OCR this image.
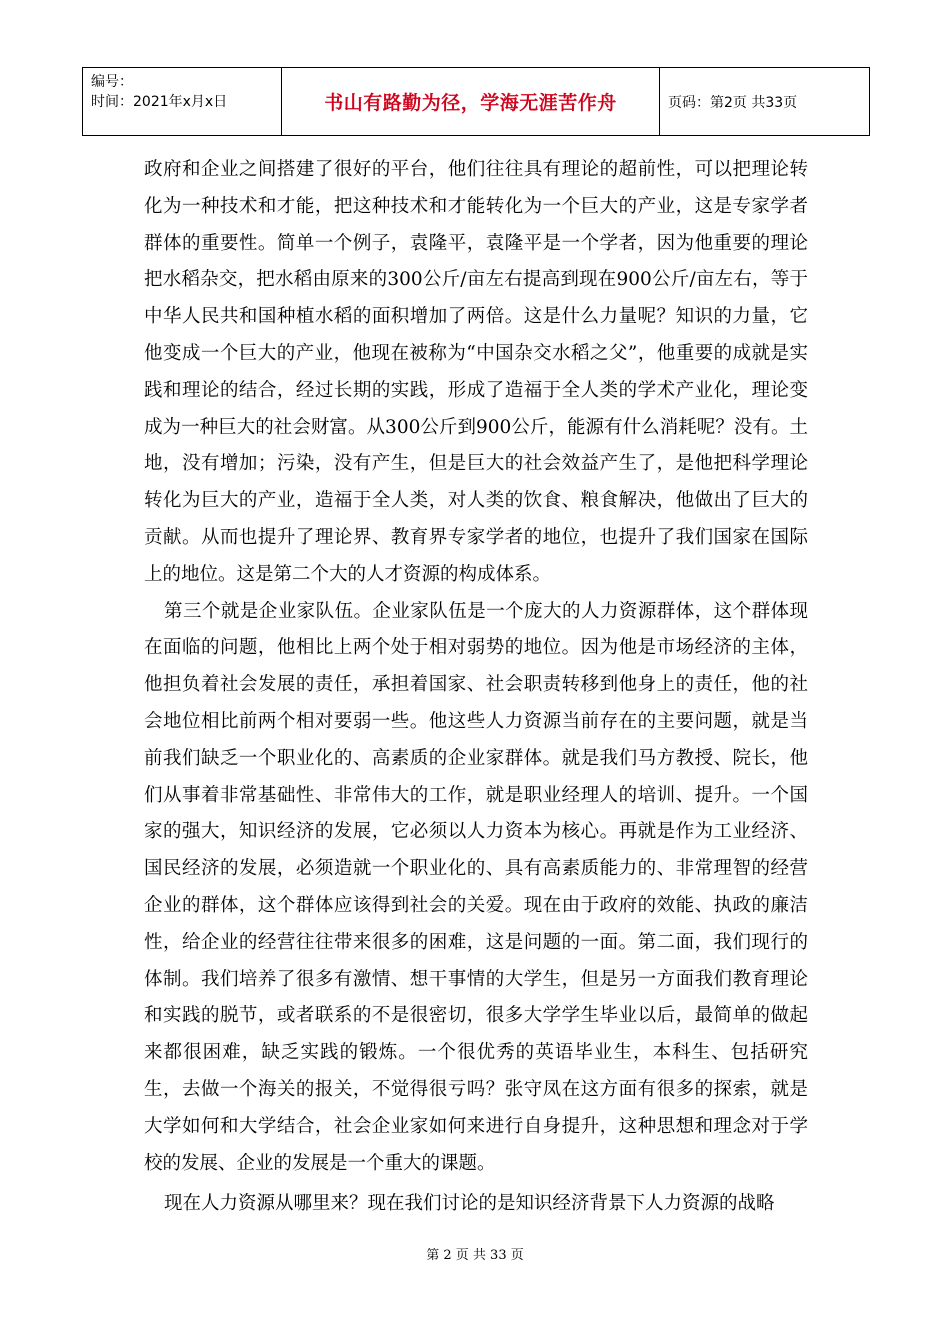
编号：
时间：2021年x月x日	书山有路勤为径，学海无涯苦作舟	页码：第2页 共33页

政府和企业之间搭建了很好的平台，他们往往具有理论的超前性，可以把理论转化为一种技术和才能，把这种技术和才能转化为一个巨大的产业，这是专家学者群体的重要性。简单一个例子，袁隆平，袁隆平是一个学者，因为他重要的理论把水稻杂交，把水稻由原来的300公斤/亩左右提高到现在900公斤/亩左右，等于中华人民共和国种植水稻的面积增加了两倍。这是什么力量呢？知识的力量，它他变成一个巨大的产业，他现在被称为“中国杂交水稻之父”，他重要的成就是实践和理论的结合，经过长期的实践，形成了造福于全人类的学术产业化，理论变成为一种巨大的社会财富。从300公斤到900公斤，能源有什么消耗呢？没有。土地，没有增加；污染，没有产生，但是巨大的社会效益产生了，是他把科学理论转化为巨大的产业，造福于全人类，对人类的饮食、粮食解决，他做出了巨大的贡献。从而也提升了理论界、教育界专家学者的地位，也提升了我们国家在国际上的地位。这是第二个大的人才资源的构成体系。

第三个就是企业家队伍。企业家队伍是一个庞大的人力资源群体，这个群体现在面临的问题，他相比上两个处于相对弱势的地位。因为他是市场经济的主体，他担负着社会发展的责任，承担着国家、社会职责转移到他身上的责任，他的社会地位相比前两个相对要弱一些。他这些人力资源当前存在的主要问题，就是当前我们缺乏一个职业化的、高素质的企业家群体。就是我们马方教授、院长，他们从事着非常基础性、非常伟大的工作，就是职业经理人的培训、提升。一个国家的强大，知识经济的发展，它必须以人力资本为核心。再就是作为工业经济、国民经济的发展，必须造就一个职业化的、具有高素质能力的、非常理智的经营企业的群体，这个群体应该得到社会的关爱。现在由于政府的效能、执政的廉洁性，给企业的经营往往带来很多的困难，这是问题的一面。第二面，我们现行的体制。我们培养了很多有激情、想干事情的大学生，但是另一方面我们教育理论和实践的脱节，或者联系的不是很密切，很多大学学生毕业以后，最简单的做起来都很困难，缺乏实践的锻炼。一个很优秀的英语毕业生，本科生、包括研究生，去做一个海关的报关，不觉得很亏吗？张守凤在这方面有很多的探索，就是大学如何和大学结合，社会企业家如何来进行自身提升，这种思想和理念对于学校的发展、企业的发展是一个重大的课题。

现在人力资源从哪里来？现在我们讨论的是知识经济背景下人力资源的战略

第 2 页 共 33 页
